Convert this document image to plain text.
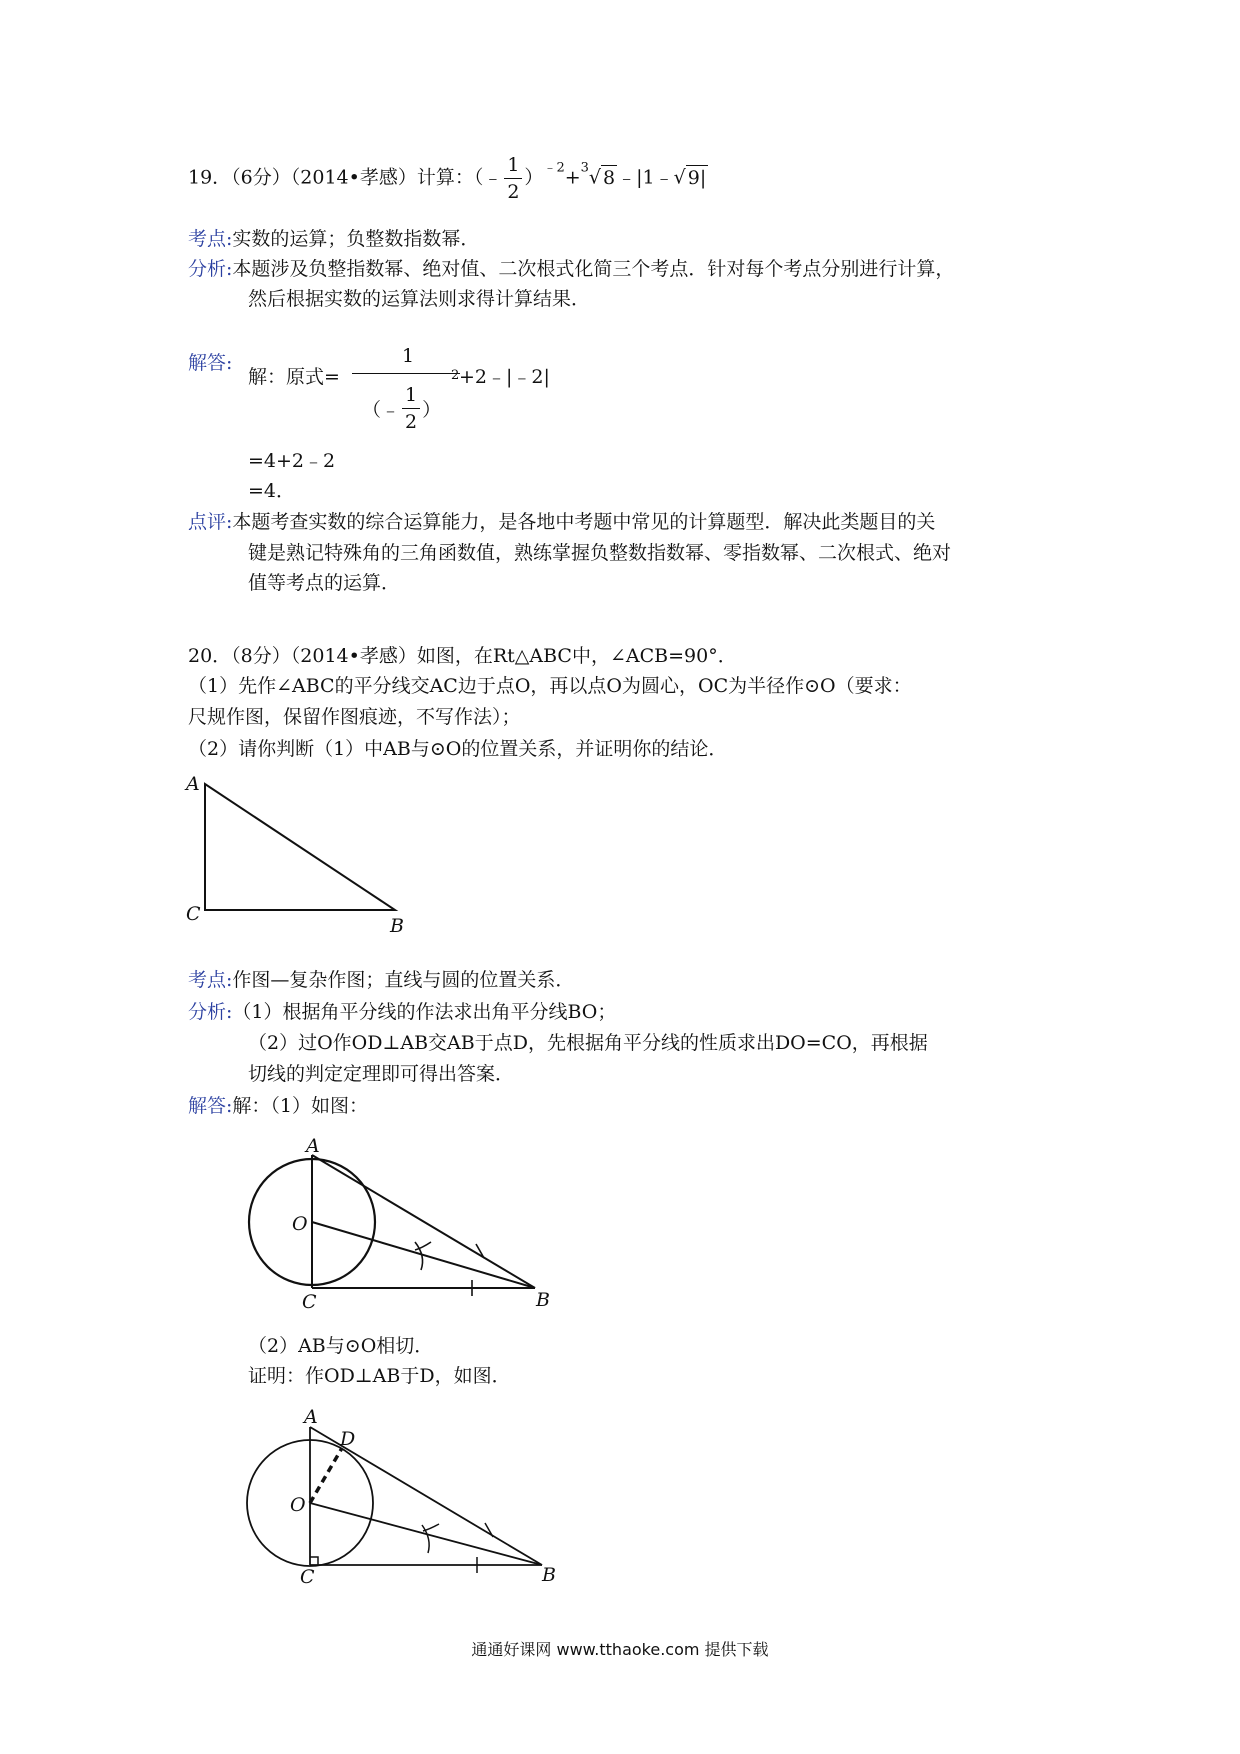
19．（6分）（2014•孝感）计算：（﹣ $\frac{1}{2} )^{﹣2}+^3√$ 8 ﹣|1﹣√ 9|
考点:实数的运算；负整数指数幂．
分析:本题涉及负整指数幂、绝对值、二次根式化简三个考点．针对每个考点分别进行计算，
然后根据实数的运算法则求得计算结果．
解答:
解：原式=
1
2 +2﹣|﹣2|
（﹣ $\frac{1}{2}$ ）
=4+2﹣2
=4．
点评:本题考查实数的综合运算能力，是各地中考题中常见的计算题型．解决此类题目的关
键是熟记特殊角的三角函数值，熟练掌握负整数指数幂、零指数幂、二次根式、绝对
值等考点的运算．
20．（8分）（2014•孝感）如图，在Rt△ABC中，∠ACB=90°．
（1）先作∠ABC的平分线交AC边于点O，再以点O为圆心，OC为半径作⊙O（要求：
尺规作图，保留作图痕迹，不写作法）；
（2）请你判断（1）中AB与⊙O的位置关系，并证明你的结论．
A
C
B
考点:作图—复杂作图；直线与圆的位置关系．
分析:（1）根据角平分线的作法求出角平分线BO；
（2）过O作OD⊥AB交AB于点D，先根据角平分线的性质求出DO=CO，再根据
切线的判定定理即可得出答案．
解答:解：（1）如图：
A
O
C	B
（2）AB与⊙O相切．
证明：作OD⊥AB于D，如图．
A
D
O
C	B
通通好课网 www.tthaoke.com 提供下载
